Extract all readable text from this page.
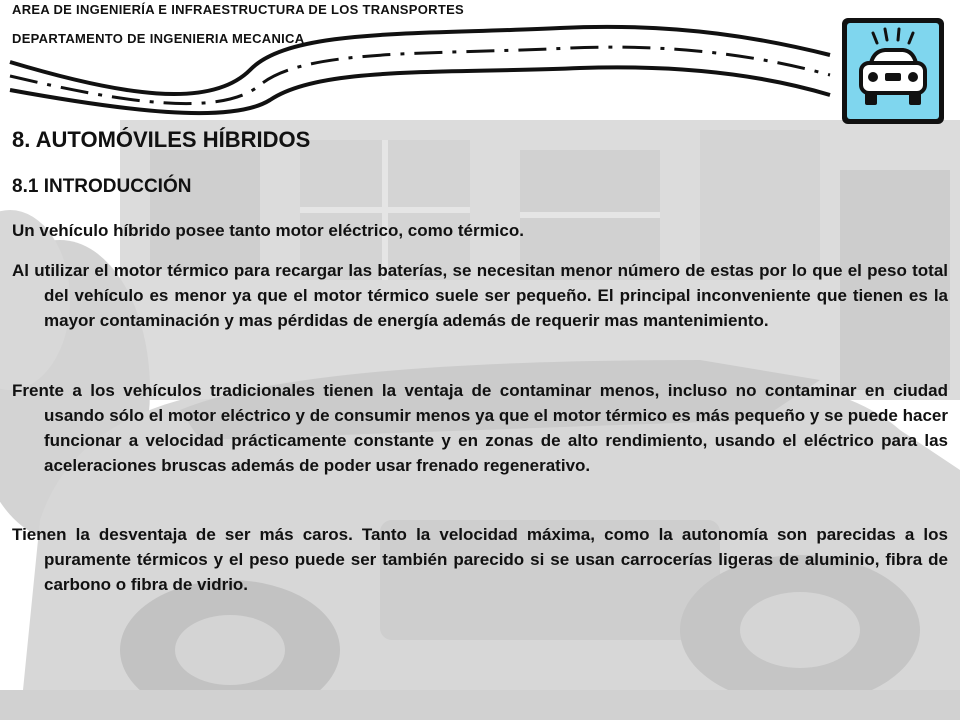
AREA DE INGENIERÍA E INFRAESTRUCTURA DE LOS TRANSPORTES

DEPARTAMENTO DE INGENIERIA MECANICA

8. AUTOMÓVILES HÍBRIDOS
8.1 INTRODUCCIÓN

Un vehículo híbrido posee tanto motor eléctrico, como térmico.

Al utilizar el motor térmico para recargar las baterías, se necesitan menor número de estas por lo que el peso total del vehículo es menor ya que el motor térmico suele ser pequeño. El principal inconveniente que tienen es la mayor contaminación y mas pérdidas de energía además de requerir mas mantenimiento.

Frente a los vehículos tradicionales tienen la ventaja de contaminar menos, incluso no contaminar en ciudad usando sólo el motor eléctrico y de consumir menos ya que el motor térmico es más pequeño y se puede hacer funcionar a velocidad prácticamente constante y en zonas de alto rendimiento, usando el eléctrico para las aceleraciones bruscas además de poder usar frenado regenerativo.

Tienen la desventaja de ser más caros. Tanto la velocidad máxima, como la autonomía son parecidas a los puramente térmicos y el peso puede ser también parecido si se usan carrocerías ligeras de aluminio, fibra de carbono o fibra de vidrio.
